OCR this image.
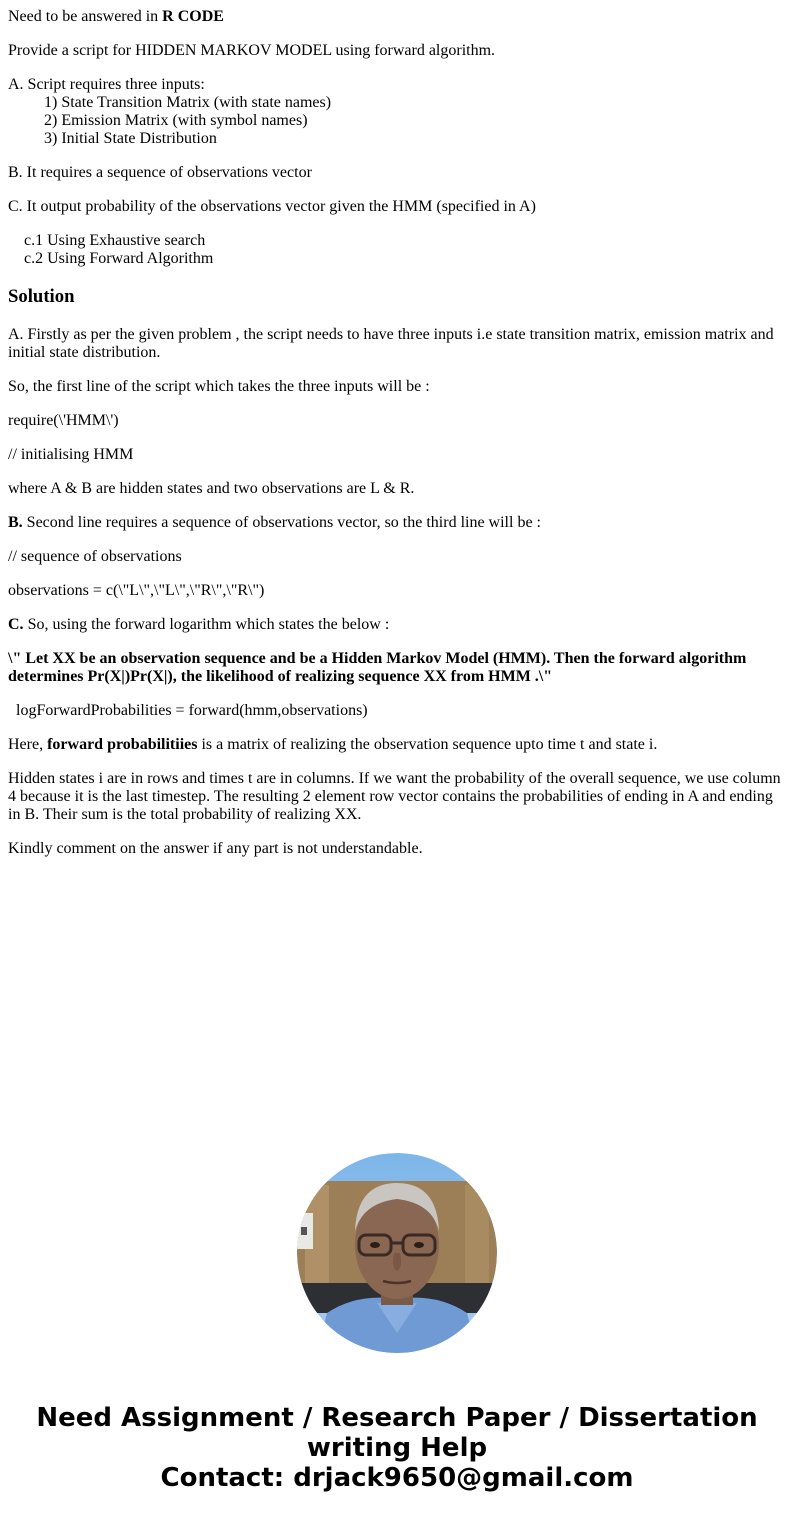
Need to be answered in R CODE

Provide a script for HIDDEN MARKOV MODEL using forward algorithm.

A. Script requires three inputs:
1) State Transition Matrix (with state names)
2) Emission Matrix (with symbol names)
3) Initial State Distribution

B. It requires a sequence of observations vector

C. It output probability of the observations vector given the HMM (specified in A)

c.1 Using Exhaustive search
c.2 Using Forward Algorithm
Solution

A. Firstly as per the given problem , the script needs to have three inputs i.e state transition matrix, emission matrix and initial state distribution.

So, the first line of the script which takes the three inputs will be :

require(\'HMM\')

// initialising HMM

where A & B are hidden states and two observations are L & R.

B. Second line requires a sequence of observations vector, so the third line will be :

// sequence of observations

observations = c(\"L\",\"L\",\"R\",\"R\")

C. So, using the forward logarithm which states the below :

\" Let XX be an observation sequence and be a Hidden Markov Model (HMM). Then the forward algorithm determines Pr(X|)Pr(X|), the likelihood of realizing sequence XX from HMM .\"

logForwardProbabilities = forward(hmm,observations)

Here, forward probabilitiies is a matrix of realizing the observation sequence upto time t and state i.

Hidden states i are in rows and times t are in columns. If we want the probability of the overall sequence, we use column 4 because it is the last timestep. The resulting 2 element row vector contains the probabilities of ending in A and ending in B. Their sum is the total probability of realizing XX.

Kindly comment on the answer if any part is not understandable.

Need Assignment / Research Paper / Dissertation
writing Help
Contact: drjack9650@gmail.com
